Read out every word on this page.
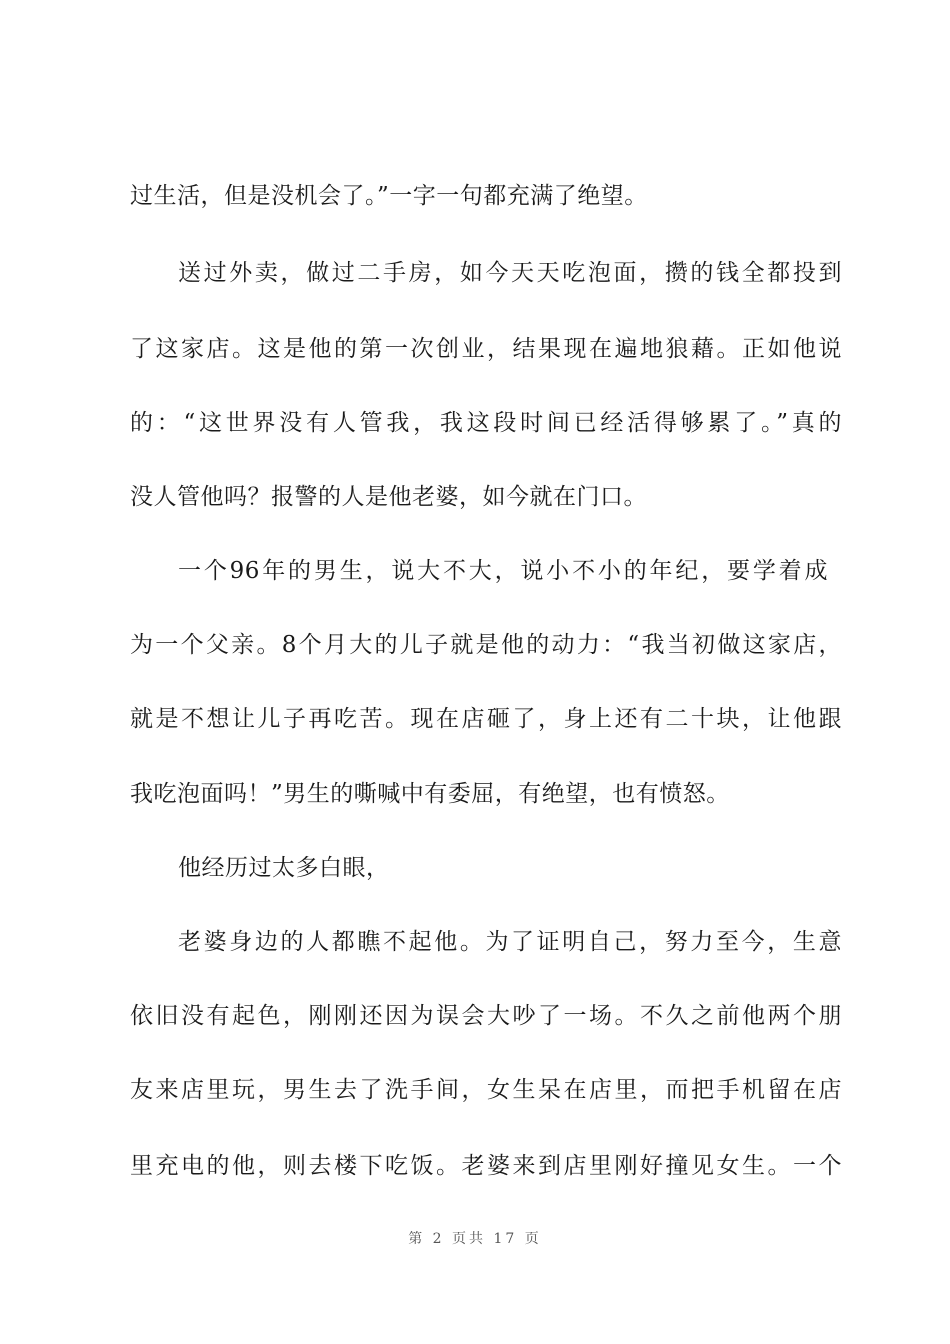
过生活，但是没机会了。”一字一句都充满了绝望。
送过外卖，做过二手房，如今天天吃泡面，攒的钱全都投到
了这家店。这是他的第一次创业，结果现在遍地狼藉。正如他说
的：“这世界没有人管我，我这段时间已经活得够累了。”真的
没人管他吗？报警的人是他老婆，如今就在门口。
一个96年的男生，说大不大，说小不小的年纪，要学着成
为一个父亲。8个月大的儿子就是他的动力：“我当初做这家店，
就是不想让儿子再吃苦。现在店砸了，身上还有二十块，让他跟
我吃泡面吗！”男生的嘶喊中有委屈，有绝望，也有愤怒。
他经历过太多白眼，
老婆身边的人都瞧不起他。为了证明自己，努力至今，生意
依旧没有起色，刚刚还因为误会大吵了一场。不久之前他两个朋
友来店里玩，男生去了洗手间，女生呆在店里，而把手机留在店
里充电的他，则去楼下吃饭。老婆来到店里刚好撞见女生。一个
第 2 页共 17 页
